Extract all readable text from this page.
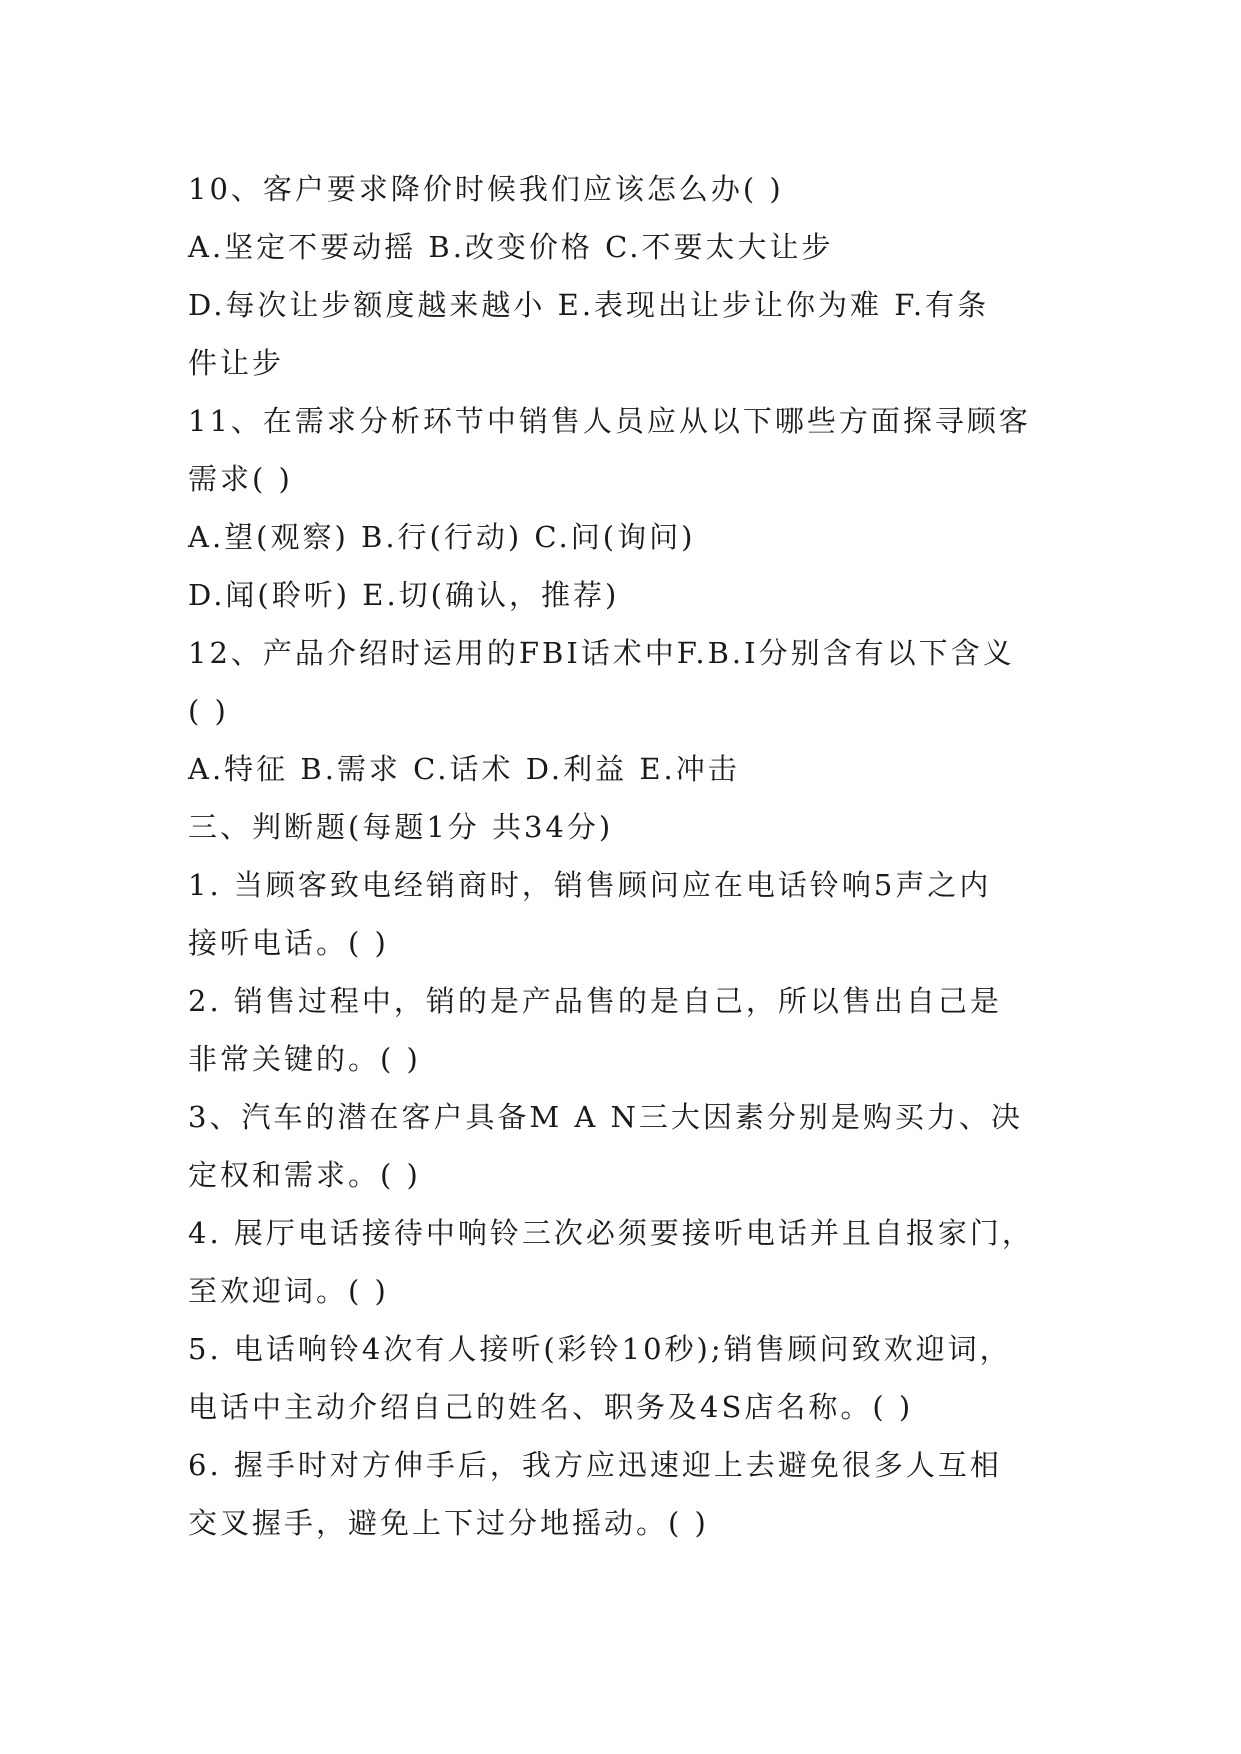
10、客户要求降价时候我们应该怎么办( )
A.坚定不要动摇 B.改变价格 C.不要太大让步
D.每次让步额度越来越小 E.表现出让步让你为难 F.有条
件让步
11、在需求分析环节中销售人员应从以下哪些方面探寻顾客
需求( )
A.望(观察) B.行(行动) C.问(询问)
D.闻(聆听) E.切(确认，推荐)
12、产品介绍时运用的FBI话术中F.B.I分别含有以下含义
( )
A.特征 B.需求 C.话术 D.利益 E.冲击
三、判断题(每题1分 共34分)
1. 当顾客致电经销商时，销售顾问应在电话铃响5声之内
接听电话。( )
2. 销售过程中，销的是产品售的是自己，所以售出自己是
非常关键的。( )
3、汽车的潜在客户具备M A N三大因素分别是购买力、决
定权和需求。( )
4. 展厅电话接待中响铃三次必须要接听电话并且自报家门，
至欢迎词。( )
5. 电话响铃4次有人接听(彩铃10秒);销售顾问致欢迎词，
电话中主动介绍自己的姓名、职务及4S店名称。( )
6. 握手时对方伸手后，我方应迅速迎上去避免很多人互相
交叉握手，避免上下过分地摇动。( )
